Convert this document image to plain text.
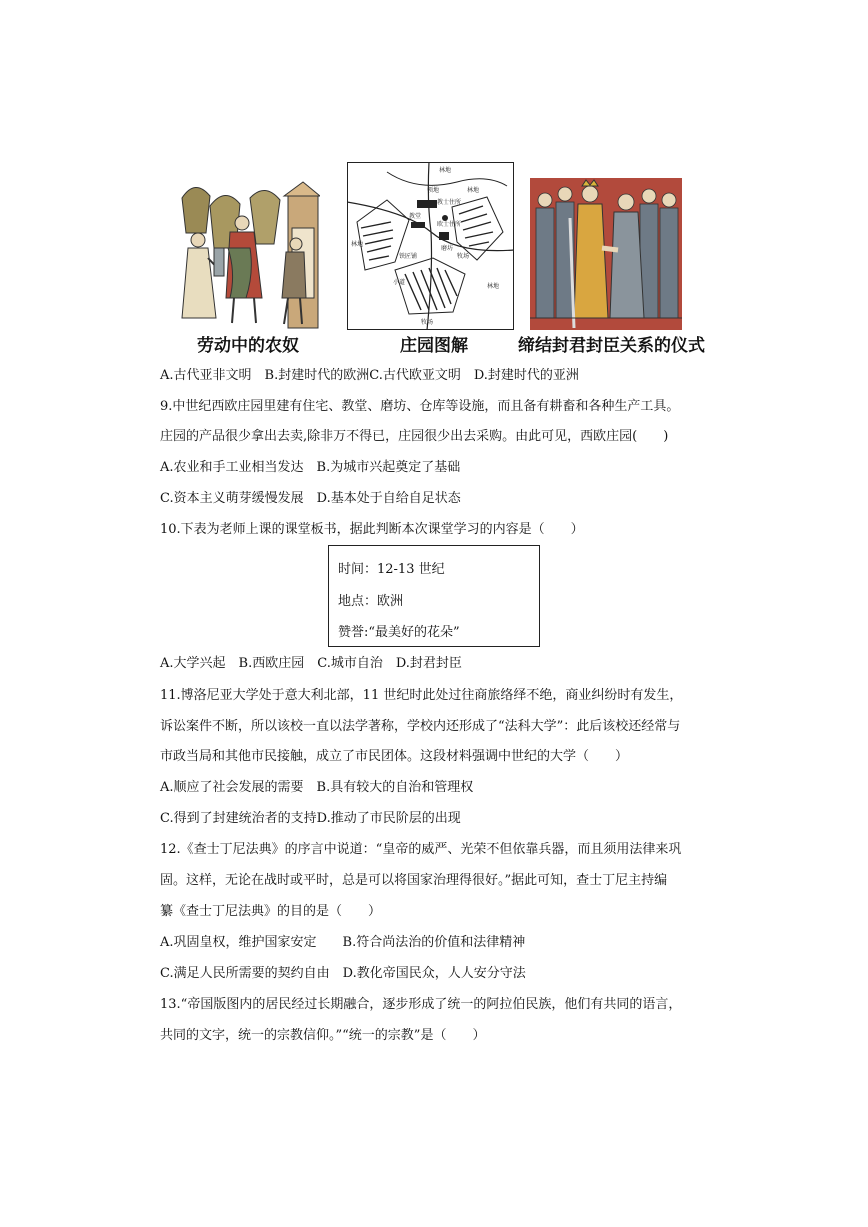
劳动中的农奴
林地
领地
教士住所
教堂
欧士住所
林地
林地
小道
磨坊
林地
牧场
铁匠铺
牧场
庄园图解	缔结封君封臣关系的仪式
A.古代亚非文明　B.封建时代的欧洲C.古代欧亚文明　D.封建时代的亚洲
9.中世纪西欧庄园里建有住宅、教堂、磨坊、仓库等设施，而且备有耕畜和各种生产工具。
庄园的产品很少拿出去卖,除非万不得已，庄园很少出去采购。由此可见，西欧庄园(　　)
A.农业和手工业相当发达　B.为城市兴起奠定了基础
C.资本主义萌芽缓慢发展　D.基本处于自给自足状态
10.下表为老师上课的课堂板书，据此判断本次课堂学习的内容是（　　）
时间：12-13 世纪
地点：欧洲
赞誉:“最美好的花朵”
A.大学兴起　B.西欧庄园　C.城市自治　D.封君封臣
11.博洛尼亚大学处于意大利北部，11 世纪时此处过往商旅络绎不绝，商业纠纷时有发生，
诉讼案件不断，所以该校一直以法学著称，学校内还形成了“法科大学”：此后该校还经常与
市政当局和其他市民接触，成立了市民团体。这段材料强调中世纪的大学（　　）
A.顺应了社会发展的需要　B.具有较大的自治和管理权
C.得到了封建统治者的支持D.推动了市民阶层的出现
12.《查士丁尼法典》的序言中说道：“皇帝的威严、光荣不但依靠兵器，而且须用法律来巩
固。这样，无论在战时或平时，总是可以将国家治理得很好。”据此可知，查士丁尼主持编
纂《查士丁尼法典》的目的是（　　）
A.巩固皇权，维护国家安定　　B.符合尚法治的价值和法律精神
C.满足人民所需要的契约自由　D.教化帝国民众，人人安分守法
13.“帝国版图内的居民经过长期融合，逐步形成了统一的阿拉伯民族，他们有共同的语言，
共同的文字，统一的宗教信仰。”“统一的宗教”是（　　）
